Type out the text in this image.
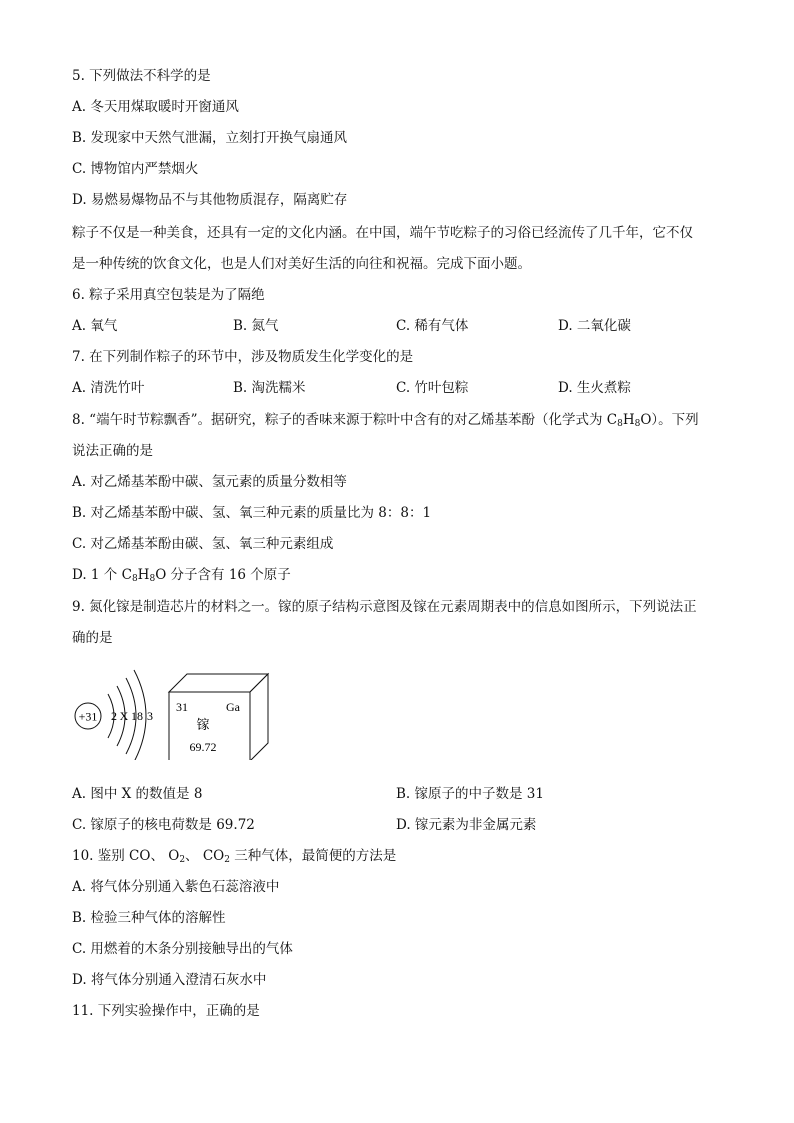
5. 下列做法不科学的是
A. 冬天用煤取暖时开窗通风
B. 发现家中天然气泄漏，立刻打开换气扇通风
C. 博物馆内严禁烟火
D. 易燃易爆物品不与其他物质混存，隔离贮存
粽子不仅是一种美食，还具有一定的文化内涵。在中国，端午节吃粽子的习俗已经流传了几千年，它不仅
是一种传统的饮食文化，也是人们对美好生活的向往和祝福。完成下面小题。
6. 粽子采用真空包装是为了隔绝
A. 氧气	B. 氮气	C. 稀有气体	D. 二氧化碳
7. 在下列制作粽子的环节中，涉及物质发生化学变化的是
A. 清洗竹叶	B. 淘洗糯米	C. 竹叶包粽	D. 生火煮粽
8. “端午时节粽飘香”。据研究，粽子的香味来源于粽叶中含有的对乙烯基苯酚（化学式为 $C_8H_8O$）。下列
说法正确的是
A. 对乙烯基苯酚中碳、氢元素的质量分数相等
B. 对乙烯基苯酚中碳、氢、氧三种元素的质量比为 8：8：1
C. 对乙烯基苯酚由碳、氢、氧三种元素组成
D. 1 个 $C_8H_8O$ 分子含有 16 个原子
9. 氮化镓是制造芯片的材料之一。镓的原子结构示意图及镓在元素周期表中的信息如图所示，下列说法正
确的是
+31 2 X 18 3
31	Ga
镓
69.72
A. 图中 X 的数值是 8	B. 镓原子的中子数是 31
C. 镓原子的核电荷数是 69.72	D. 镓元素为非金属元素
10. 鉴别 CO、 $O_2$、 $CO_2$ 三种气体，最简便的方法是
A. 将气体分别通入紫色石蕊溶液中
B. 检验三种气体的溶解性
C. 用燃着的木条分别接触导出的气体
D. 将气体分别通入澄清石灰水中
11. 下列实验操作中，正确的是
